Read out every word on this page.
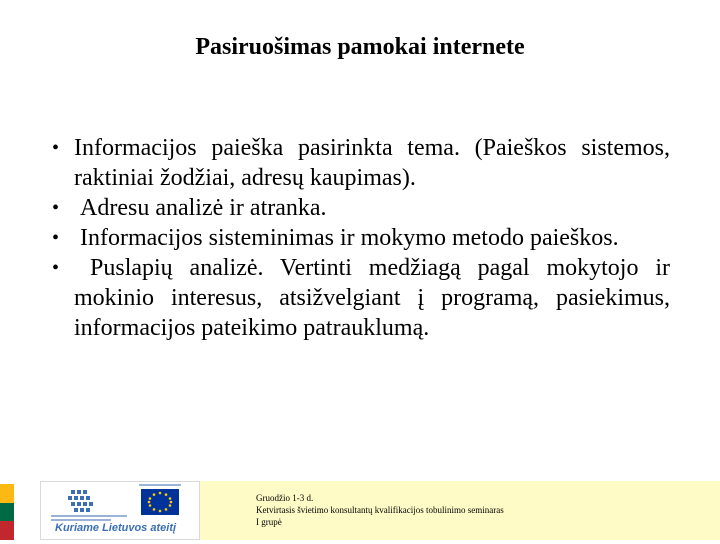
Pasiruošimas pamokai internete
• Informacijos paieška pasirinkta tema. (Paieškos sistemos, raktiniai žodžiai, adresų kaupimas).
• Adresu analizė ir atranka.
• Informacijos sisteminimas ir mokymo metodo paieškos.
• Puslapių analizė. Vertinti medžiagą pagal mokytojo ir mokinio interesus, atsižvelgiant į programą, pasiekimus, informacijos pateikimo patrauklumą.
Kuriame Lietuvos ateitį
Gruodžio 1-3 d.
Ketvirtasis švietimo konsultantų kvalifikacijos tobulinimo seminaras
I grupė
